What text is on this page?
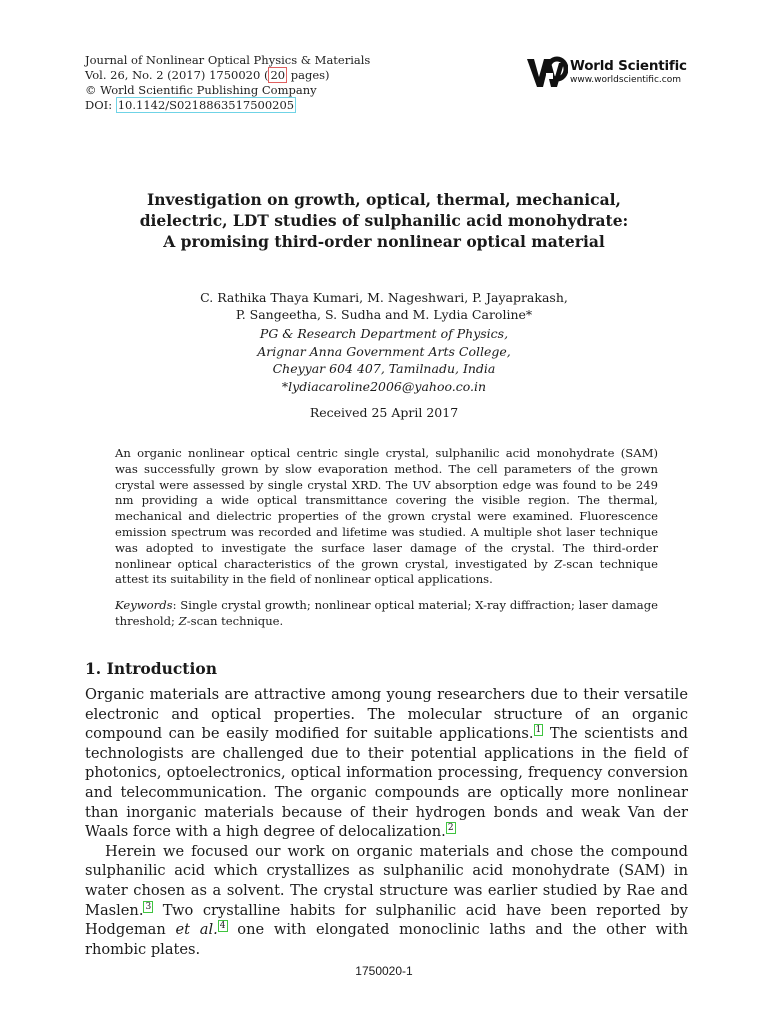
Journal of Nonlinear Optical Physics & Materials
Vol. 26, No. 2 (2017) 1750020 ( 20 pages)
© World Scientific Publishing Company
DOI: 10.1142/S0218863517500205
World Scientific
www.worldscientific.com
Investigation on growth, optical, thermal, mechanical,
dielectric, LDT studies of sulphanilic acid monohydrate:
A promising third-order nonlinear optical material
C. Rathika Thaya Kumari, M. Nageshwari, P. Jayaprakash,
P. Sangeetha, S. Sudha and M. Lydia Caroline*
PG & Research Department of Physics,
Arignar Anna Government Arts College,
Cheyyar 604 407, Tamilnadu, India
*lydiacaroline2006@yahoo.co.in
Received 25 April 2017

An organic nonlinear optical centric single crystal, sulphanilic acid monohydrate (SAM) was successfully grown by slow evaporation method. The cell parameters of the grown crystal were assessed by single crystal XRD. The UV absorption edge was found to be 249 nm providing a wide optical transmittance covering the visible region. The thermal, mechanical and dielectric properties of the grown crystal were examined. Fluorescence emission spectrum was recorded and lifetime was studied. A multiple shot laser technique was adopted to investigate the surface laser damage of the crystal. The third-order nonlinear optical characteristics of the grown crystal, investigated by Z-scan technique attest its suitability in the field of nonlinear optical applications.

Keywords: Single crystal growth; nonlinear optical material; X-ray diffraction; laser damage threshold; Z-scan technique.

1. Introduction

Organic materials are attractive among young researchers due to their versatile electronic and optical properties. The molecular structure of an organic compound can be easily modified for suitable applications. $^1$ The scientists and technologists are challenged due to their potential applications in the field of photonics, optoelectronics, optical information processing, frequency conversion and telecommunication. The organic compounds are optically more nonlinear than inorganic materials because of their hydrogen bonds and weak Van der Waals force with a high degree of delocalization. $^2$

Herein we focused our work on organic materials and chose the compound sulphanilic acid which crystallizes as sulphanilic acid monohydrate (SAM) in water chosen as a solvent. The crystal structure was earlier studied by Rae and Maslen. $^3$ Two crystalline habits for sulphanilic acid have been reported by Hodgeman et al. $^4$ one with elongated monoclinic laths and the other with rhombic plates.

1750020-1
